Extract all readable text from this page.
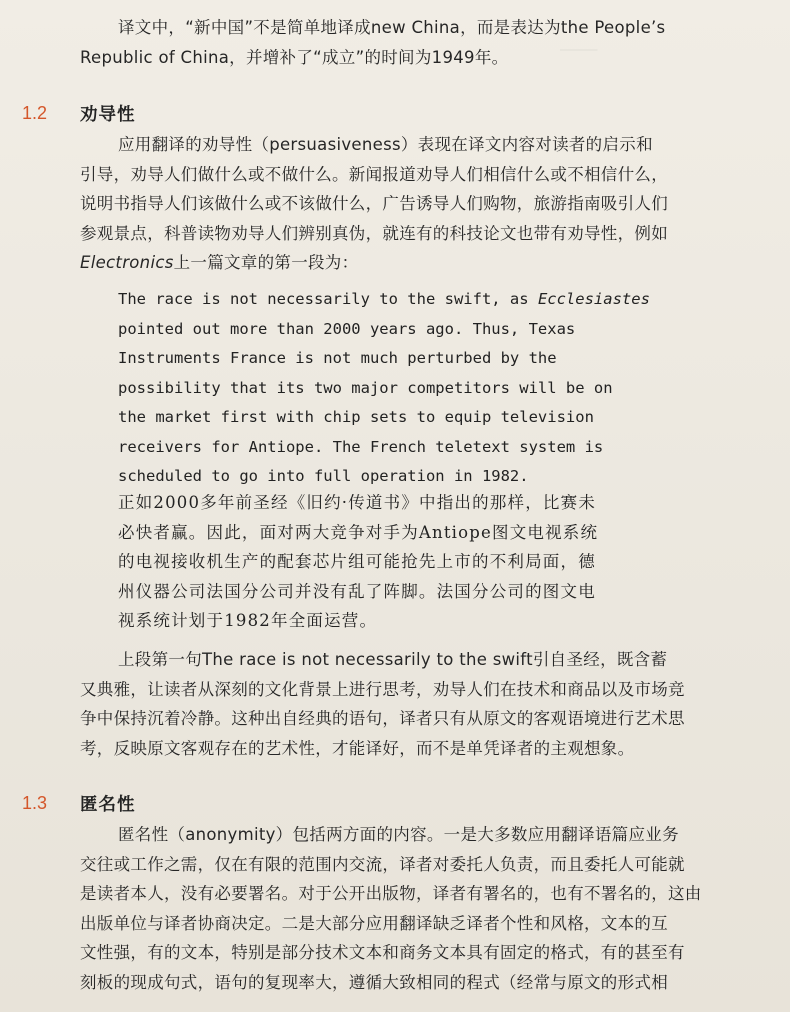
⎯⎯⎯⎯⎯
译文中，“新中国”不是简单地译成new China，而是表达为the People’s
Republic of China，并增补了“成立”的时间为1949年。
1.2	劝导性
应用翻译的劝导性（persuasiveness）表现在译文内容对读者的启示和
引导，劝导人们做什么或不做什么。新闻报道劝导人们相信什么或不相信什么，
说明书指导人们该做什么或不该做什么，广告诱导人们购物，旅游指南吸引人们
参观景点，科普读物劝导人们辨别真伪，就连有的科技论文也带有劝导性，例如
Electronics上一篇文章的第一段为：
The race is not necessarily to the swift, as Ecclesiastes
pointed out more than 2000 years ago. Thus, Texas
Instruments France is not much perturbed by the
possibility that its two major competitors will be on
the market first with chip sets to equip television
receivers for Antiope. The French teletext system is
scheduled to go into full operation in 1982.
正如2000多年前圣经《旧约·传道书》中指出的那样，比赛未
必快者赢。因此，面对两大竞争对手为Antiope图文电视系统
的电视接收机生产的配套芯片组可能抢先上市的不利局面，德
州仪器公司法国分公司并没有乱了阵脚。法国分公司的图文电
视系统计划于1982年全面运营。
上段第一句The race is not necessarily to the swift引自圣经，既含蓄
又典雅，让读者从深刻的文化背景上进行思考，劝导人们在技术和商品以及市场竞
争中保持沉着冷静。这种出自经典的语句，译者只有从原文的客观语境进行艺术思
考，反映原文客观存在的艺术性，才能译好，而不是单凭译者的主观想象。
1.3	匿名性
匿名性（anonymity）包括两方面的内容。一是大多数应用翻译语篇应业务
交往或工作之需，仅在有限的范围内交流，译者对委托人负责，而且委托人可能就
是读者本人，没有必要署名。对于公开出版物，译者有署名的，也有不署名的，这由
出版单位与译者协商决定。二是大部分应用翻译缺乏译者个性和风格，文本的互
文性强，有的文本，特别是部分技术文本和商务文本具有固定的格式，有的甚至有
刻板的现成句式，语句的复现率大，遵循大致相同的程式（经常与原文的形式相
